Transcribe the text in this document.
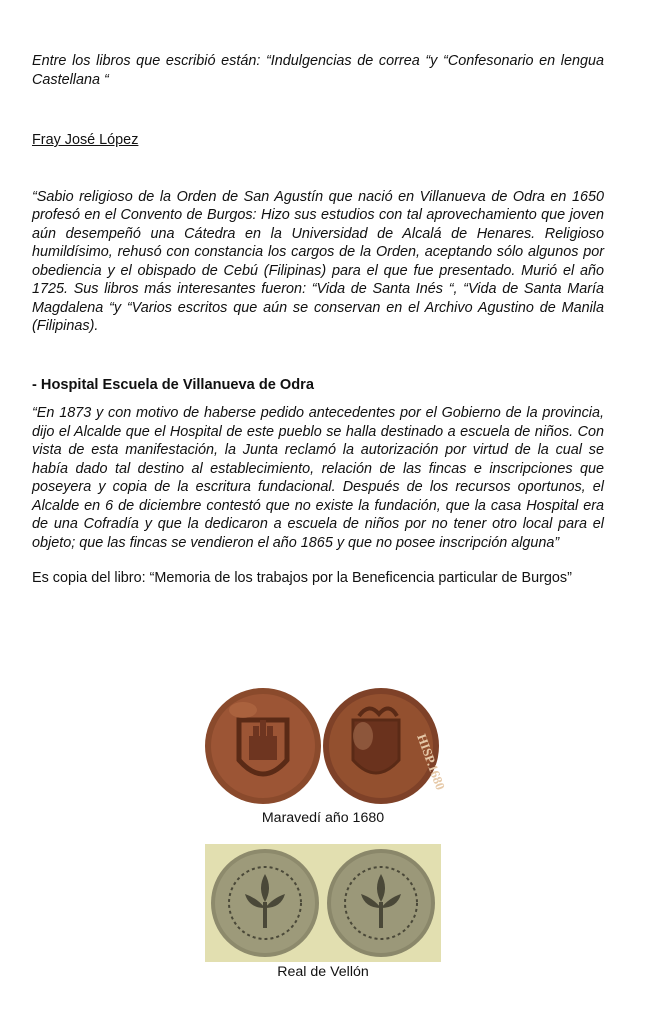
Entre los libros que escribió están: “Indulgencias de correa “y “Confesonario en lengua Castellana “

Fray José López

“Sabio religioso de la Orden de San Agustín que nació en Villanueva de Odra en 1650 profesó en el Convento de Burgos: Hizo sus estudios con tal aprovechamiento que joven aún desempeñó una Cátedra en la Universidad de Alcalá de Henares. Religioso humildísimo, rehusó con constancia los cargos de la Orden, aceptando sólo algunos por obediencia y el obispado de Cebú (Filipinas) para el que fue presentado. Murió el año 1725. Sus libros más interesantes fueron: “Vida de Santa Inés “, “Vida de Santa María Magdalena “y “Varios escritos que aún se conservan en el Archivo Agustino de Manila (Filipinas).

- Hospital Escuela de Villanueva de Odra

“En 1873 y con motivo de haberse pedido antecedentes por el Gobierno de la provincia, dijo el Alcalde que el Hospital de este pueblo se halla destinado a escuela de niños. Con vista de esta manifestación, la Junta reclamó la autorización por virtud de la cual se había dado tal destino al establecimiento, relación de las fincas e inscripciones que poseyera y copia de la escritura fundacional. Después de los recursos oportunos, el Alcalde en 6 de diciembre contestó que no existe la fundación, que la casa Hospital era de una Cofradía y que la dedicaron a escuela de niños por no tener otro local para el objeto; que las fincas se vendieron el año 1865 y que no posee inscripción alguna”

Es copia del libro: “Memoria de los trabajos por la Beneficencia particular de Burgos”

HISP.1680
Maravedí año 1680
Real de Vellón
